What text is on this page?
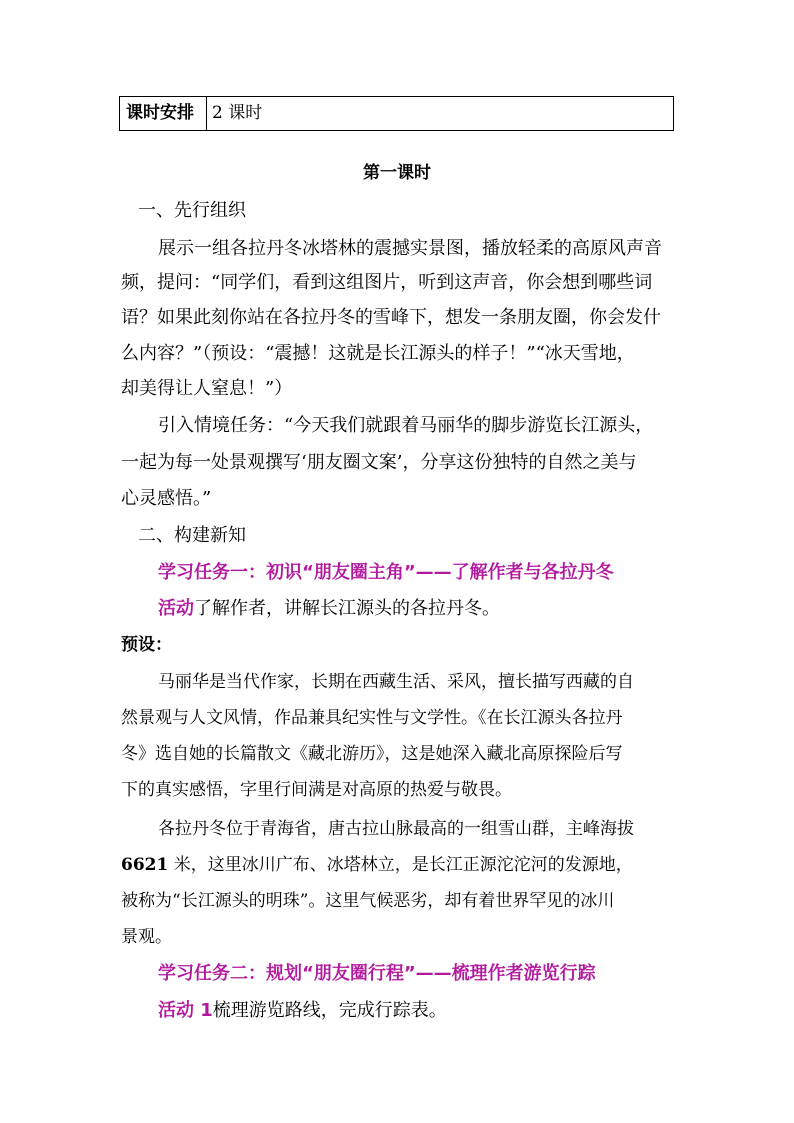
课时安排	2 课时
第一课时
一、先行组织
展示一组各拉丹冬冰塔林的震撼实景图，播放轻柔的高原风声音
频，提问：“同学们，看到这组图片，听到这声音，你会想到哪些词
语？如果此刻你站在各拉丹冬的雪峰下，想发一条朋友圈，你会发什
么内容？”（预设：“震撼！这就是长江源头的样子！”“冰天雪地，
却美得让人窒息！”）
引入情境任务：“今天我们就跟着马丽华的脚步游览长江源头，
一起为每一处景观撰写‘朋友圈文案’，分享这份独特的自然之美与
心灵感悟。”
二、构建新知
学习任务一：初识“朋友圈主角”——了解作者与各拉丹冬
活动了解作者，讲解长江源头的各拉丹冬。
预设：
马丽华是当代作家，长期在西藏生活、采风，擅长描写西藏的自
然景观与人文风情，作品兼具纪实性与文学性。《在长江源头各拉丹
冬》选自她的长篇散文《藏北游历》，这是她深入藏北高原探险后写
下的真实感悟，字里行间满是对高原的热爱与敬畏。
各拉丹冬位于青海省，唐古拉山脉最高的一组雪山群，主峰海拔
6621 米，这里冰川广布、冰塔林立，是长江正源沱沱河的发源地，
被称为“长江源头的明珠”。这里气候恶劣，却有着世界罕见的冰川
景观。
学习任务二：规划“朋友圈行程”——梳理作者游览行踪
活动 1梳理游览路线，完成行踪表。
